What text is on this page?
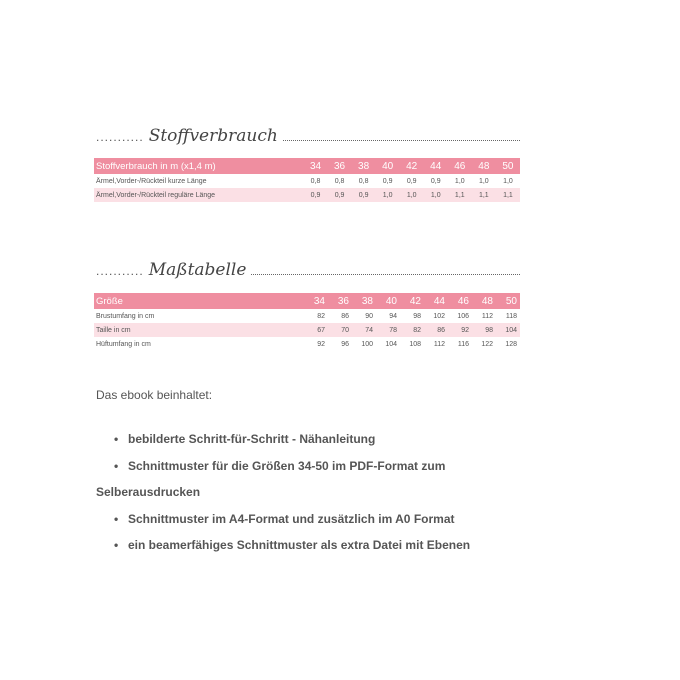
........... Stoffverbrauch
Stoffverbrauch in m (x1,4 m)	34	36	38	40	42	44	46	48	50
Ärmel,Vorder-/Rückteil kurze Länge	0,8	0,8	0,8	0,9	0,9	0,9	1,0	1,0	1,0
Ärmel,Vorder-/Rückteil reguläre Länge	0,9	0,9	0,9	1,0	1,0	1,0	1,1	1,1	1,1
........... Maßtabelle
Größe	34	36	38	40	42	44	46	48	50
Brustumfang in cm	82	86	90	94	98	102	106	112	118
Taille in cm	67	70	74	78	82	86	92	98	104
Hüftumfang in cm	92	96	100	104	108	112	116	122	128
Das ebook beinhaltet:
• bebilderte Schritt-für-Schritt - Nähanleitung
• Schnittmuster für die Größen 34-50 im PDF-Format zum
Selberausdrucken
• Schnittmuster im A4-Format und zusätzlich im A0 Format
• ein beamerfähiges Schnittmuster als extra Datei mit Ebenen
